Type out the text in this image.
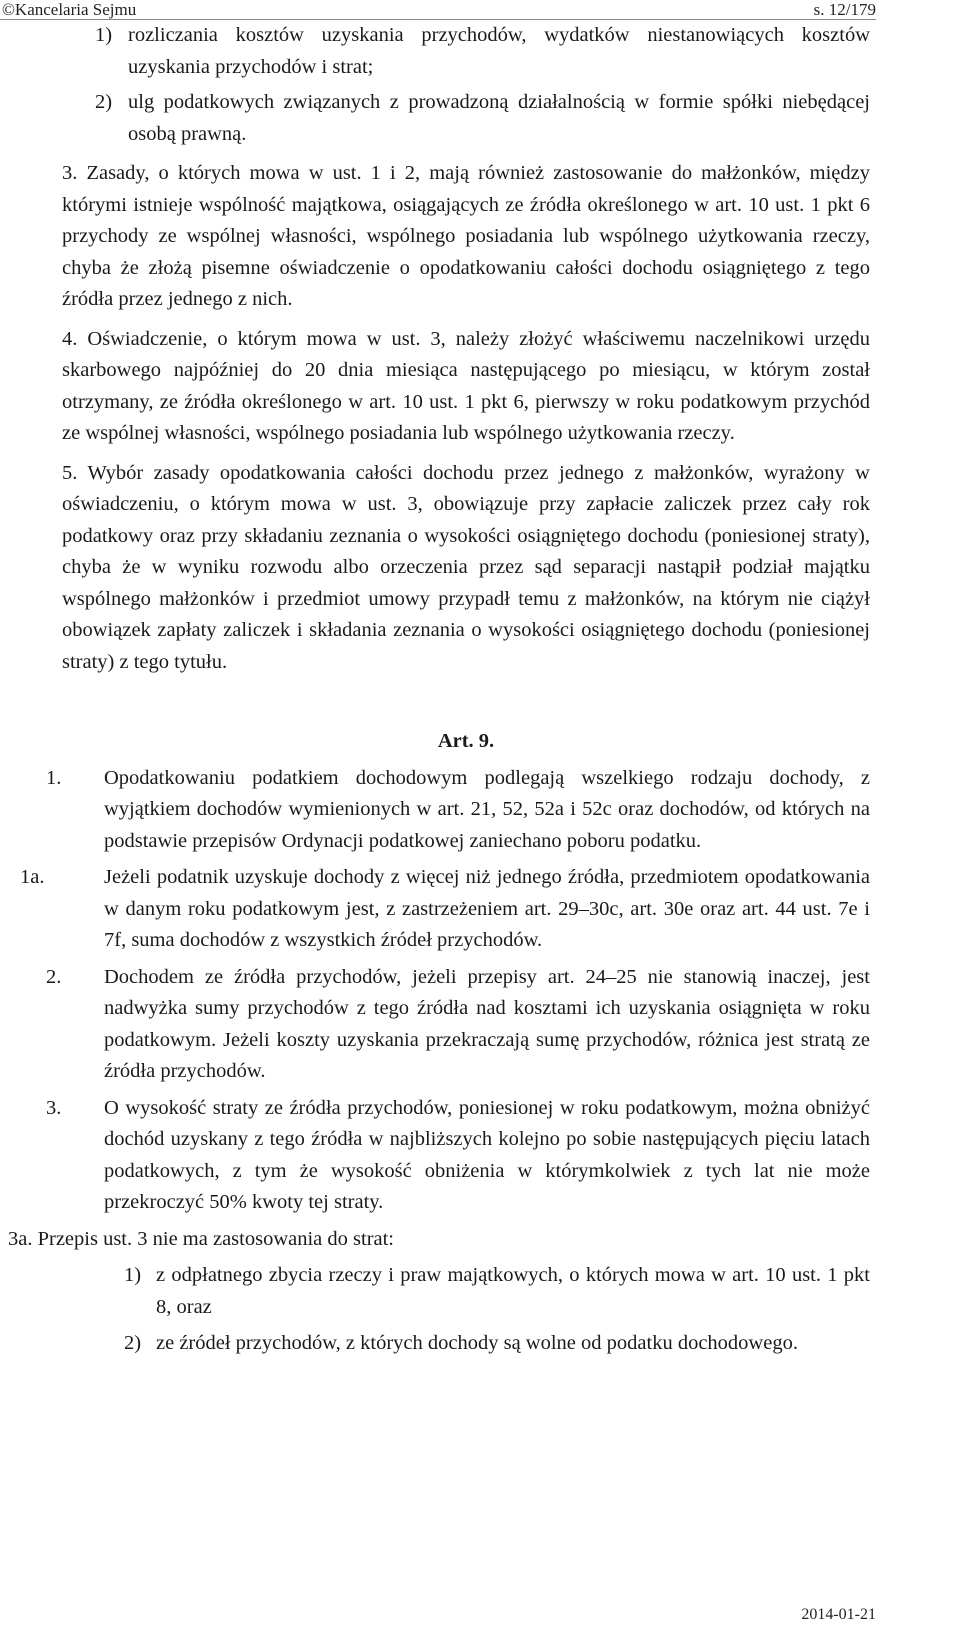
©Kancelaria Sejmu	s. 12/179
1) rozliczania kosztów uzyskania przychodów, wydatków niestanowiących kosztów uzyskania przychodów i strat;
2) ulg podatkowych związanych z prowadzoną działalnością w formie spółki niebędącej osobą prawną.

3. Zasady, o których mowa w ust. 1 i 2, mają również zastosowanie do małżonków, między którymi istnieje wspólność majątkowa, osiągających ze źródła określonego w art. 10 ust. 1 pkt 6 przychody ze wspólnej własności, wspólnego posiadania lub wspólnego użytkowania rzeczy, chyba że złożą pisemne oświadczenie o opodatkowaniu całości dochodu osiągniętego z tego źródła przez jednego z nich.

4. Oświadczenie, o którym mowa w ust. 3, należy złożyć właściwemu naczelnikowi urzędu skarbowego najpóźniej do 20 dnia miesiąca następującego po miesiącu, w którym został otrzymany, ze źródła określonego w art. 10 ust. 1 pkt 6, pierwszy w roku podatkowym przychód ze wspólnej własności, wspólnego posiadania lub wspólnego użytkowania rzeczy.

5. Wybór zasady opodatkowania całości dochodu przez jednego z małżonków, wyrażony w oświadczeniu, o którym mowa w ust. 3, obowiązuje przy zapłacie zaliczek przez cały rok podatkowy oraz przy składaniu zeznania o wysokości osiągniętego dochodu (poniesionej straty), chyba że w wyniku rozwodu albo orzeczenia przez sąd separacji nastąpił podział majątku wspólnego małżonków i przedmiot umowy przypadł temu z małżonków, na którym nie ciążył obowiązek zapłaty zaliczek i składania zeznania o wysokości osiągniętego dochodu (poniesionej straty) z tego tytułu.

Art. 9.
1. Opodatkowaniu podatkiem dochodowym podlegają wszelkiego rodzaju dochody, z wyjątkiem dochodów wymienionych w art. 21, 52, 52a i 52c oraz dochodów, od których na podstawie przepisów Ordynacji podatkowej zaniechano poboru podatku.
1a.	Jeżeli podatnik uzyskuje dochody z więcej niż jednego źródła, przedmiotem opodatkowania w danym roku podatkowym jest, z zastrzeżeniem art. 29–30c, art. 30e oraz art. 44 ust. 7e i 7f, suma dochodów z wszystkich źródeł przychodów.
2. Dochodem ze źródła przychodów, jeżeli przepisy art. 24–25 nie stanowią inaczej, jest nadwyżka sumy przychodów z tego źródła nad kosztami ich uzyskania osiągnięta w roku podatkowym. Jeżeli koszty uzyskania przekraczają sumę przychodów, różnica jest stratą ze źródła przychodów.
3. O wysokość straty ze źródła przychodów, poniesionej w roku podatkowym, można obniżyć dochód uzyskany z tego źródła w najbliższych kolejno po sobie następujących pięciu latach podatkowych, z tym że wysokość obniżenia w którymkolwiek z tych lat nie może przekroczyć 50% kwoty tej straty.
3a. Przepis ust. 3 nie ma zastosowania do strat:
1) z odpłatnego zbycia rzeczy i praw majątkowych, o których mowa w art. 10 ust. 1 pkt 8, oraz
2) ze źródeł przychodów, z których dochody są wolne od podatku dochodowego.
2014-01-21
